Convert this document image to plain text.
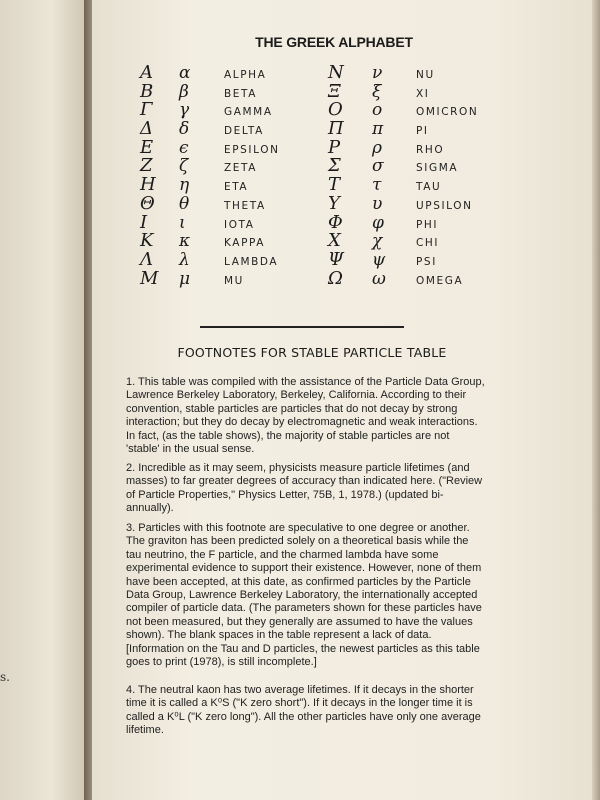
s.
THE GREEK ALPHABET
Α α	ALPHA
Β β	BETA
Γ γ	GAMMA
Δ δ	DELTA
Ε ϵ	EPSILON
Ζ ζ	ZETA
Η η	ETA
Θ θ	THETA
Ι ι	IOTA
Κ κ	KAPPA
Λ λ	LAMBDA
Μ μ	MU
Ν ν	NU
Ξ ξ	XI
Ο ο	OMICRON
Π π	PI
Ρ ρ	RHO
Σ σ	SIGMA
Τ τ	TAU
Υ υ	UPSILON
Φ φ	PHI
Χ χ	CHI
Ψ ψ	PSI
Ω ω	OMEGA
FOOTNOTES FOR STABLE PARTICLE TABLE

1. This table was compiled with the assistance of the Particle Data Group, Lawrence Berkeley Laboratory, Berkeley, California. According to their convention, stable particles are particles that do not decay by strong interaction; but they do decay by electromagnetic and weak interactions. In fact, (as the table shows), the majority of stable particles are not 'stable' in the usual sense.

2. Incredible as it may seem, physicists measure particle lifetimes (and masses) to far greater degrees of accuracy than indicated here. ("Review of Particle Properties," Physics Letter, 75B, 1, 1978.) (updated bi-annually).

3. Particles with this footnote are speculative to one degree or another. The graviton has been predicted solely on a theoretical basis while the tau neutrino, the F particle, and the charmed lambda have some experimental evidence to support their existence. However, none of them have been accepted, at this date, as confirmed particles by the Particle Data Group, Lawrence Berkeley Laboratory, the internationally accepted compiler of particle data. (The parameters shown for these particles have not been measured, but they generally are assumed to have the values shown). The blank spaces in the table represent a lack of data. [Information on the Tau and D particles, the newest particles as this table goes to print (1978), is still incomplete.]

4. The neutral kaon has two average lifetimes. If it decays in the shorter time it is called a K⁰S ("K zero short"). If it decays in the longer time it is called a K⁰L ("K zero long"). All the other particles have only one average lifetime.
